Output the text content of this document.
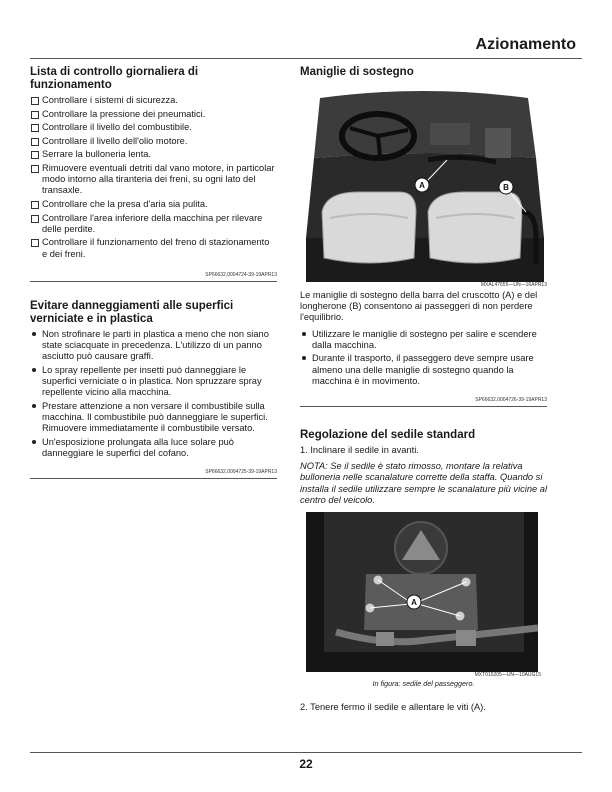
Azionamento
Lista di controllo giornaliera di funzionamento
Controllare i sistemi di sicurezza.
Controllare la pressione dei pneumatici.
Controllare il livello del combustibile.
Controllare il livello dell'olio motore.
Serrare la bulloneria lenta.
Rimuovere eventuali detriti dal vano motore, in particolar modo intorno alla tiranteria dei freni, su ogni lato del transaxle.
Controllare che la presa d'aria sia pulita.
Controllare l'area inferiore della macchina per rilevare delle perdite.
Controllare il funzionamento del freno di stazionamento e dei freni.
SP66632,0004724-39-19APR13
Evitare danneggiamenti alle superfici verniciate e in plastica
Non strofinare le parti in plastica a meno che non siano state sciacquate in precedenza. L'utilizzo di un panno asciutto può causare graffi.
Lo spray repellente per insetti può danneggiare le superfici verniciate o in plastica. Non spruzzare spray repellente vicino alla macchina.
Prestare attenzione a non versare il combustibile sulla macchina. Il combustibile può danneggiare le superfici. Rimuovere immediatamente il combustibile versato.
Un'esposizione prolungata alla luce solare può danneggiare le superfici del cofano.
SP66632,0004725-39-19APR13
Maniglie di sostegno
A	B
MXAL47655—UN—16APR13

Le maniglie di sostegno della barra del cruscotto (A) e del longherone (B) consentono ai passeggeri di non perdere l'equilibrio.

Utilizzare le maniglie di sostegno per salire e scendere dalla macchina.
Durante il trasporto, il passeggero deve sempre usare almeno una delle maniglie di sostegno quando la macchina è in movimento.
SP66632,0004726-39-19APR13
Regolazione del sedile standard

1. Inclinare il sedile in avanti.

NOTA: Se il sedile è stato rimosso, montare la relativa bulloneria nelle scanalature corrette della staffa. Quando si installa il sedile utilizzare sempre le scanalature più vicine al centro del veicolo.
A
MXT015205—UN—10AUG15
In figura: sedile del passeggero.

2. Tenere fermo il sedile e allentare le viti (A).

22
